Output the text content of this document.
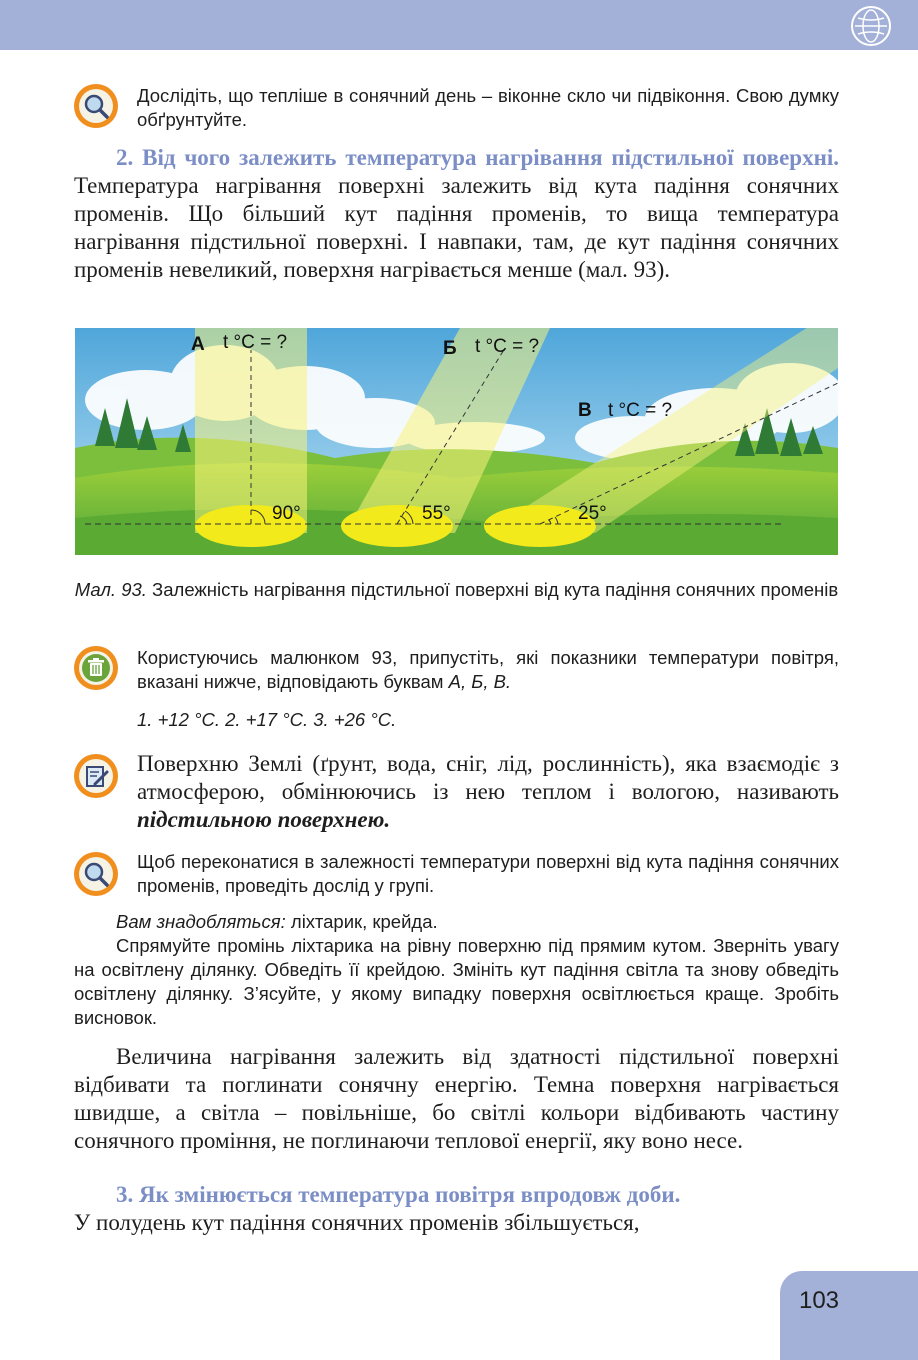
Дослідіть, що тепліше в сонячний день – віконне скло чи підвіконня. Свою думку обґрунтуйте.
2. Від чого залежить температура нагрівання підстильної поверхні. Температура нагрівання поверхні залежить від кута падіння сонячних променів. Що більший кут падіння променів, то вища температура нагрівання підстильної поверхні. І навпаки, там, де кут падіння сонячних променів невеликий, поверхня нагрівається менше (мал. 93).
А t °С = ?
90°
Б t °С = ?
55°
В t °С = ?
25°
Мал. 93. Залежність нагрівання підстильної поверхні від кута падіння сонячних променів
Користуючись малюнком 93, припустіть, які показники температури повітря, вказані нижче, відповідають буквам А, Б, В.
1. +12 °С. 2. +17 °С. 3. +26 °С.
Поверхню Землі (ґрунт, вода, сніг, лід, рослинність), яка взаємодіє з атмосферою, обмінюючись із нею теплом і вологою, називають підстильною поверхнею.
Щоб переконатися в залежності температури поверхні від кута падіння сонячних променів, проведіть дослід у групі.
Вам знадобляться: ліхтарик, крейда.
Спрямуйте промінь ліхтарика на рівну поверхню під прямим кутом. Зверніть увагу на освітлену ділянку. Обведіть її крейдою. Змініть кут падіння світла та знову обведіть освітлену ділянку. З’ясуйте, у якому випадку поверхня освітлюється краще. Зробіть висновок.
Величина нагрівання залежить від здатності підстильної поверхні відбивати та поглинати сонячну енергію. Темна поверхня нагрівається швидше, а світла – повільніше, бо світлі кольори відбивають частину сонячного проміння, не поглинаючи теплової енергії, яку воно несе.
3. Як змінюється температура повітря впродовж доби.
У полудень кут падіння сонячних променів збільшується,
103
